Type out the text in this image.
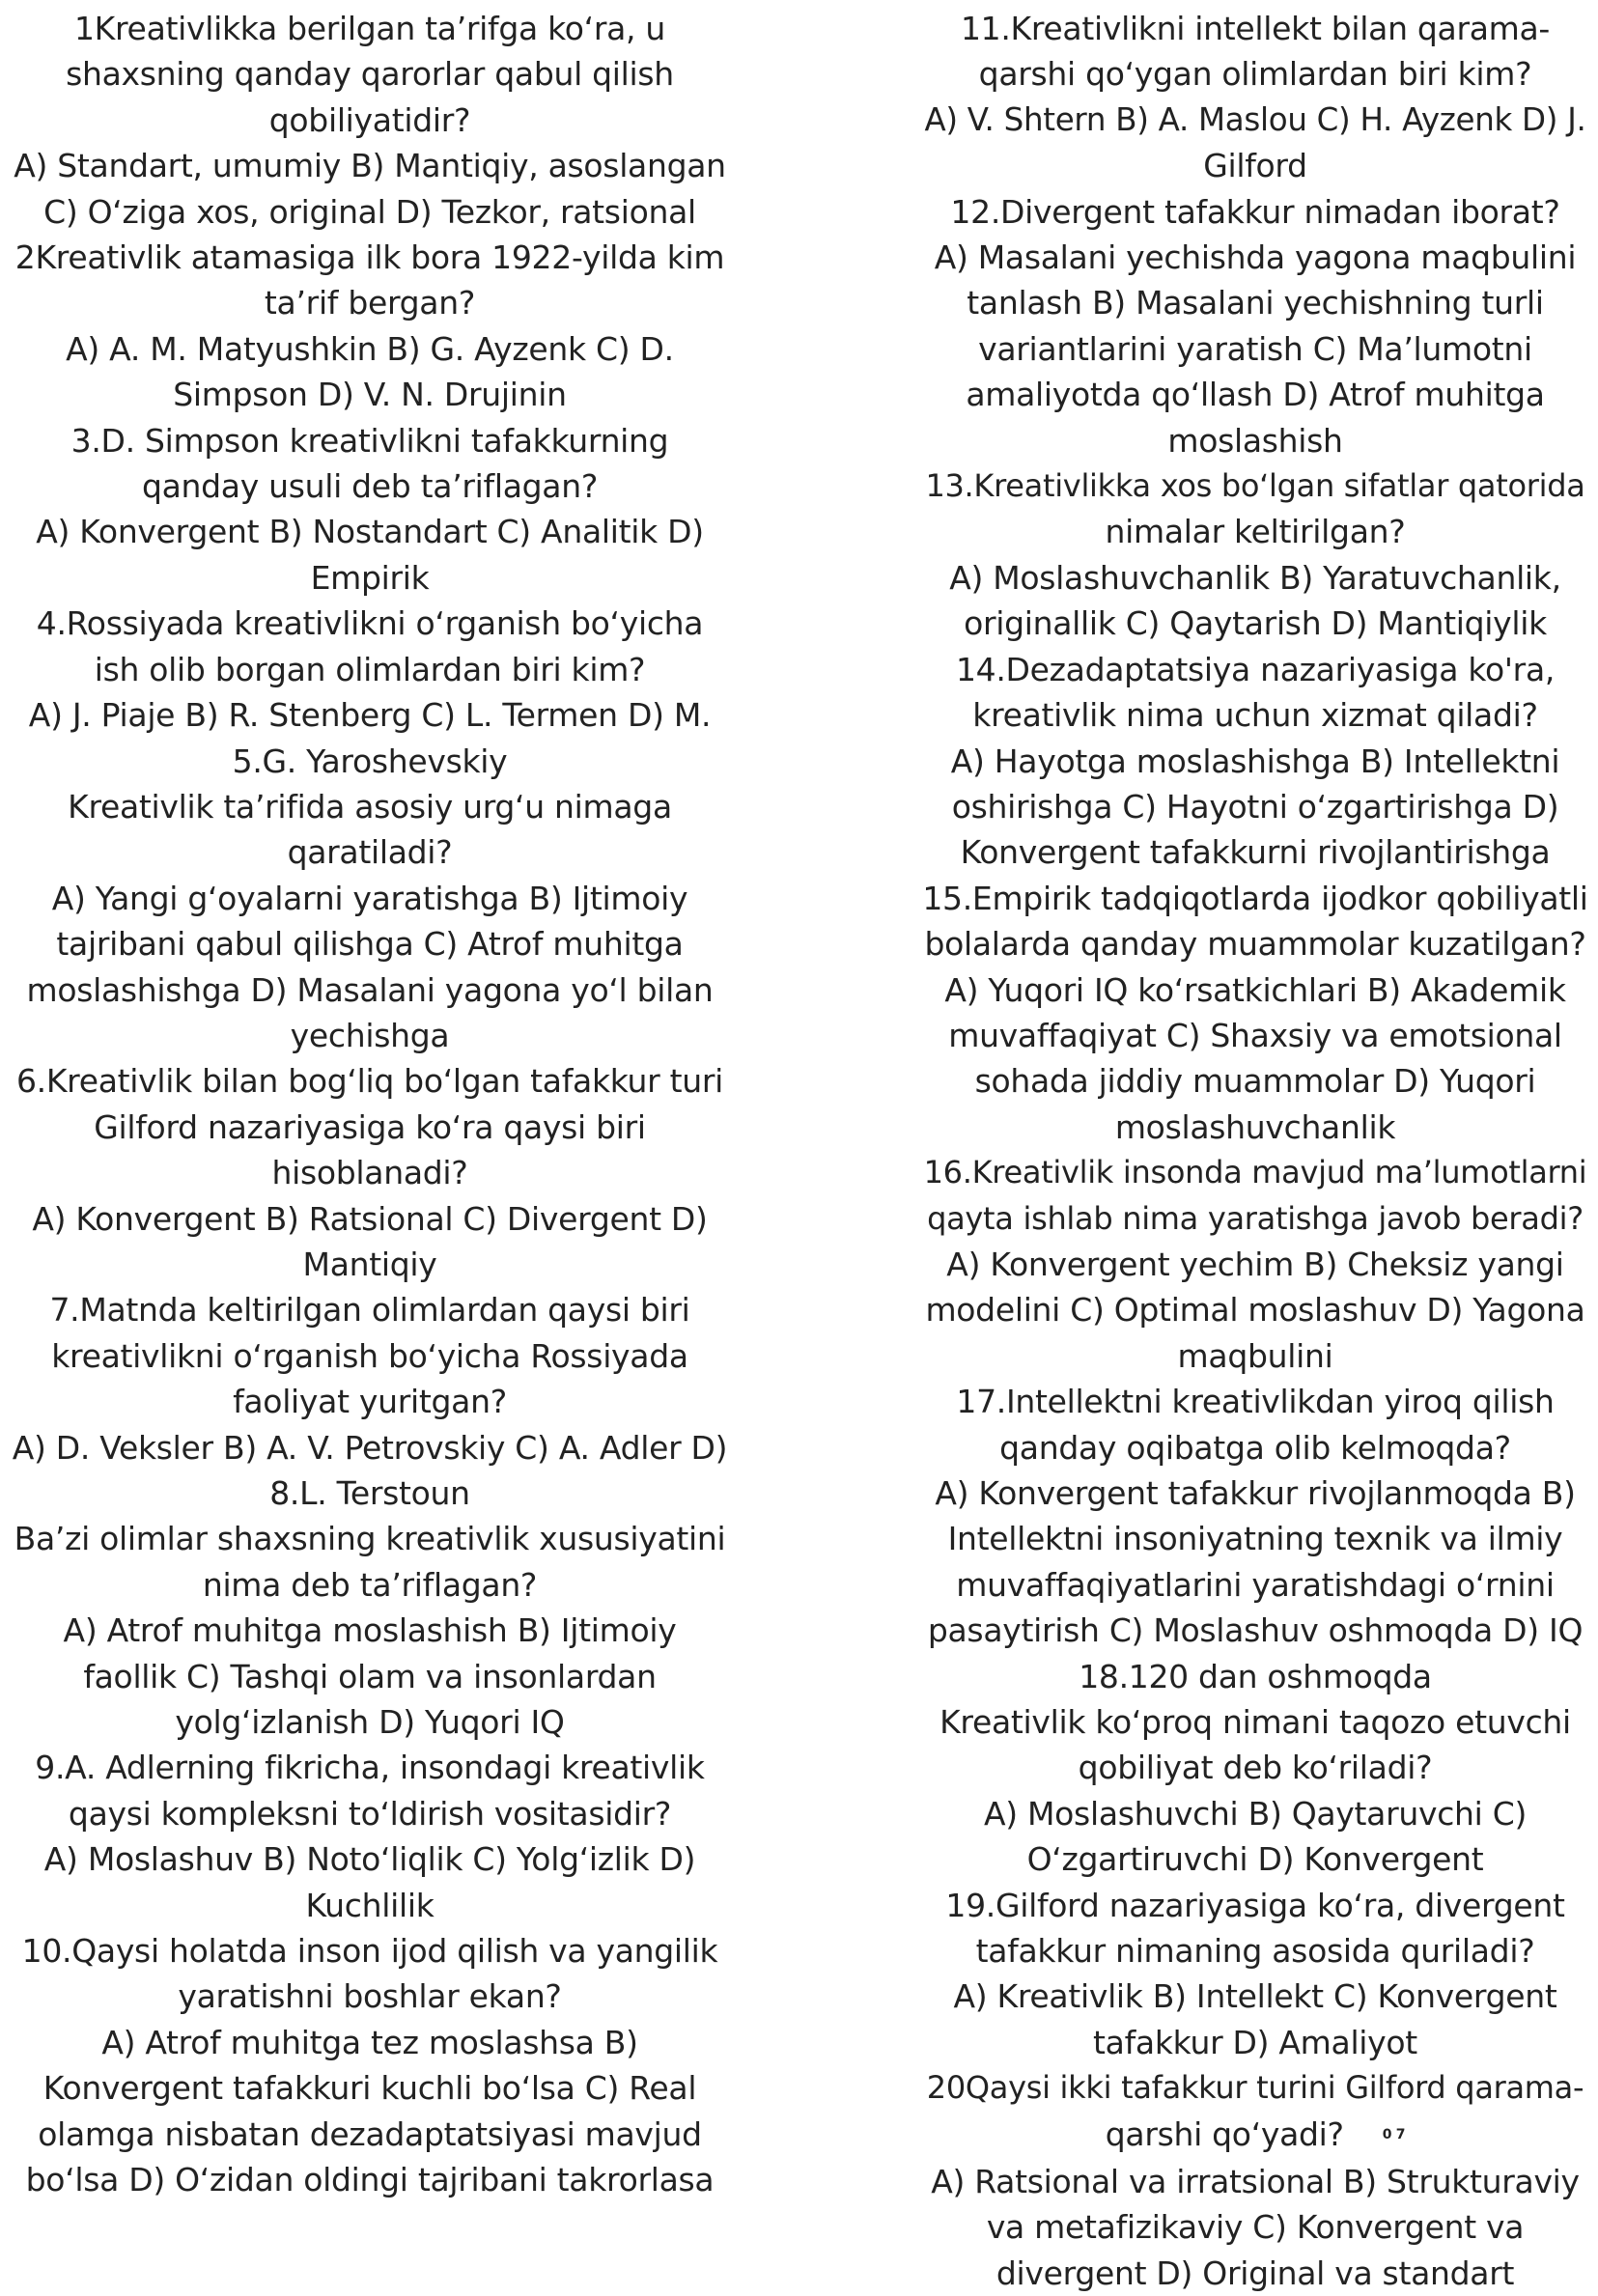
1Kreativlikka berilgan ta’rifga ko‘ra, u
shaxsning qanday qarorlar qabul qilish
qobiliyatidir?
A) Standart, umumiy B) Mantiqiy, asoslangan
C) O‘ziga xos, original D) Tezkor, ratsional
2Kreativlik atamasiga ilk bora 1922-yilda kim
ta’rif bergan?
A) A. M. Matyushkin B) G. Ayzenk C) D.
Simpson D) V. N. Drujinin
3.D. Simpson kreativlikni tafakkurning
qanday usuli deb ta’riflagan?
A) Konvergent B) Nostandart C) Analitik D)
Empirik
4.Rossiyada kreativlikni o‘rganish bo‘yicha
ish olib borgan olimlardan biri kim?
A) J. Piaje B) R. Stenberg C) L. Termen D) M.
5.G. Yaroshevskiy
Kreativlik ta’rifida asosiy urg‘u nimaga
qaratiladi?
A) Yangi g‘oyalarni yaratishga B) Ijtimoiy
tajribani qabul qilishga C) Atrof muhitga
moslashishga D) Masalani yagona yo‘l bilan
yechishga
6.Kreativlik bilan bog‘liq bo‘lgan tafakkur turi
Gilford nazariyasiga ko‘ra qaysi biri
hisoblanadi?
A) Konvergent B) Ratsional C) Divergent D)
Mantiqiy
7.Matnda keltirilgan olimlardan qaysi biri
kreativlikni o‘rganish bo‘yicha Rossiyada
faoliyat yuritgan?
A) D. Veksler B) A. V. Petrovskiy C) A. Adler D)
8.L. Terstoun
Ba’zi olimlar shaxsning kreativlik xususiyatini
nima deb ta’riflagan?
A) Atrof muhitga moslashish B) Ijtimoiy
faollik C) Tashqi olam va insonlardan
yolg‘izlanish D) Yuqori IQ
9.A. Adlerning fikricha, insondagi kreativlik
qaysi kompleksni to‘ldirish vositasidir?
A) Moslashuv B) Noto‘liqlik C) Yolg‘izlik D)
Kuchlilik
10.Qaysi holatda inson ijod qilish va yangilik
yaratishni boshlar ekan?
A) Atrof muhitga tez moslashsa B)
Konvergent tafakkuri kuchli bo‘lsa C) Real
olamga nisbatan dezadaptatsiyasi mavjud
bo‘lsa D) O‘zidan oldingi tajribani takrorlasa
11.Kreativlikni intellekt bilan qarama-
qarshi qo‘ygan olimlardan biri kim?
A) V. Shtern B) A. Maslou C) H. Ayzenk D) J.
Gilford
12.Divergent tafakkur nimadan iborat?
A) Masalani yechishda yagona maqbulini
tanlash B) Masalani yechishning turli
variantlarini yaratish C) Ma’lumotni
amaliyotda qo‘llash D) Atrof muhitga
moslashish
13.Kreativlikka xos bo‘lgan sifatlar qatorida
nimalar keltirilgan?
A) Moslashuvchanlik B) Yaratuvchanlik,
originallik C) Qaytarish D) Mantiqiylik
14.Dezadaptatsiya nazariyasiga ko'ra,
kreativlik nima uchun xizmat qiladi?
A) Hayotga moslashishga B) Intellektni
oshirishga C) Hayotni o‘zgartirishga D)
Konvergent tafakkurni rivojlantirishga
15.Empirik tadqiqotlarda ijodkor qobiliyatli
bolalarda qanday muammolar kuzatilgan?
A) Yuqori IQ ko‘rsatkichlari B) Akademik
muvaffaqiyat C) Shaxsiy va emotsional
sohada jiddiy muammolar D) Yuqori
moslashuvchanlik
16.Kreativlik insonda mavjud ma’lumotlarni
qayta ishlab nima yaratishga javob beradi?
A) Konvergent yechim B) Cheksiz yangi
modelini C) Optimal moslashuv D) Yagona
maqbulini
17.Intellektni kreativlikdan yiroq qilish
qanday oqibatga olib kelmoqda?
A) Konvergent tafakkur rivojlanmoqda B)
Intellektni insoniyatning texnik va ilmiy
muvaffaqiyatlarini yaratishdagi o‘rnini
pasaytirish C) Moslashuv oshmoqda D) IQ
18.120 dan oshmoqda
Kreativlik ko‘proq nimani taqozo etuvchi
qobiliyat deb ko‘riladi?
A) Moslashuvchi B) Qaytaruvchi C)
O‘zgartiruvchi D) Konvergent
19.Gilford nazariyasiga ko‘ra, divergent
tafakkur nimaning asosida quriladi?
A) Kreativlik B) Intellekt C) Konvergent
tafakkur D) Amaliyot
20Qaysi ikki tafakkur turini Gilford qarama-
qarshi qo‘yadi?	0 7
A) Ratsional va irratsional B) Strukturaviy
va metafizikaviy C) Konvergent va
divergent D) Original va standart
